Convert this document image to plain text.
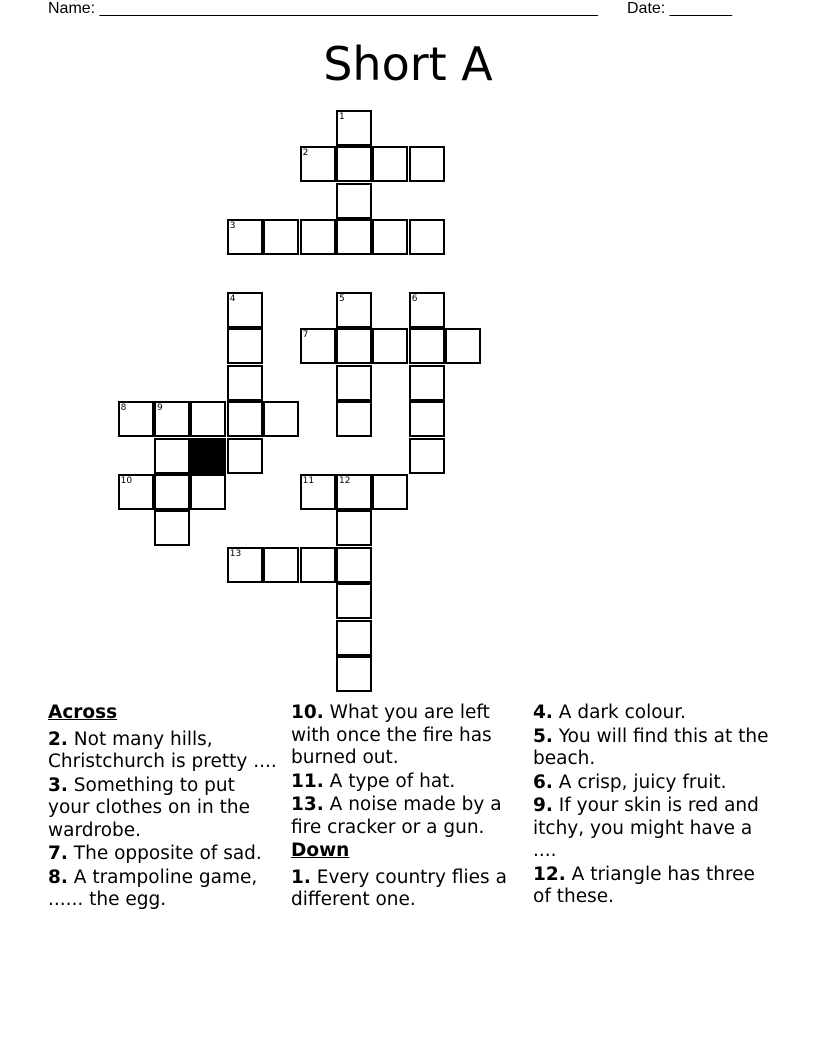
Name: ________________________________________________________ Date: _______
Short A
1
2
3
4	5	6
7
8	9
10	11	12
13
Across
2. Not many hills, Christchurch is pretty ....
3. Something to put your clothes on in the wardrobe.
7. The opposite of sad.
8. A trampoline game, ...... the egg.
10. What you are left with once the fire has burned out.
11. A type of hat.
13. A noise made by a fire cracker or a gun.
Down
1. Every country flies a different one.
4. A dark colour.
5. You will find this at the beach.
6. A crisp, juicy fruit.
9. If your skin is red and itchy, you might have a ....
12. A triangle has three of these.
